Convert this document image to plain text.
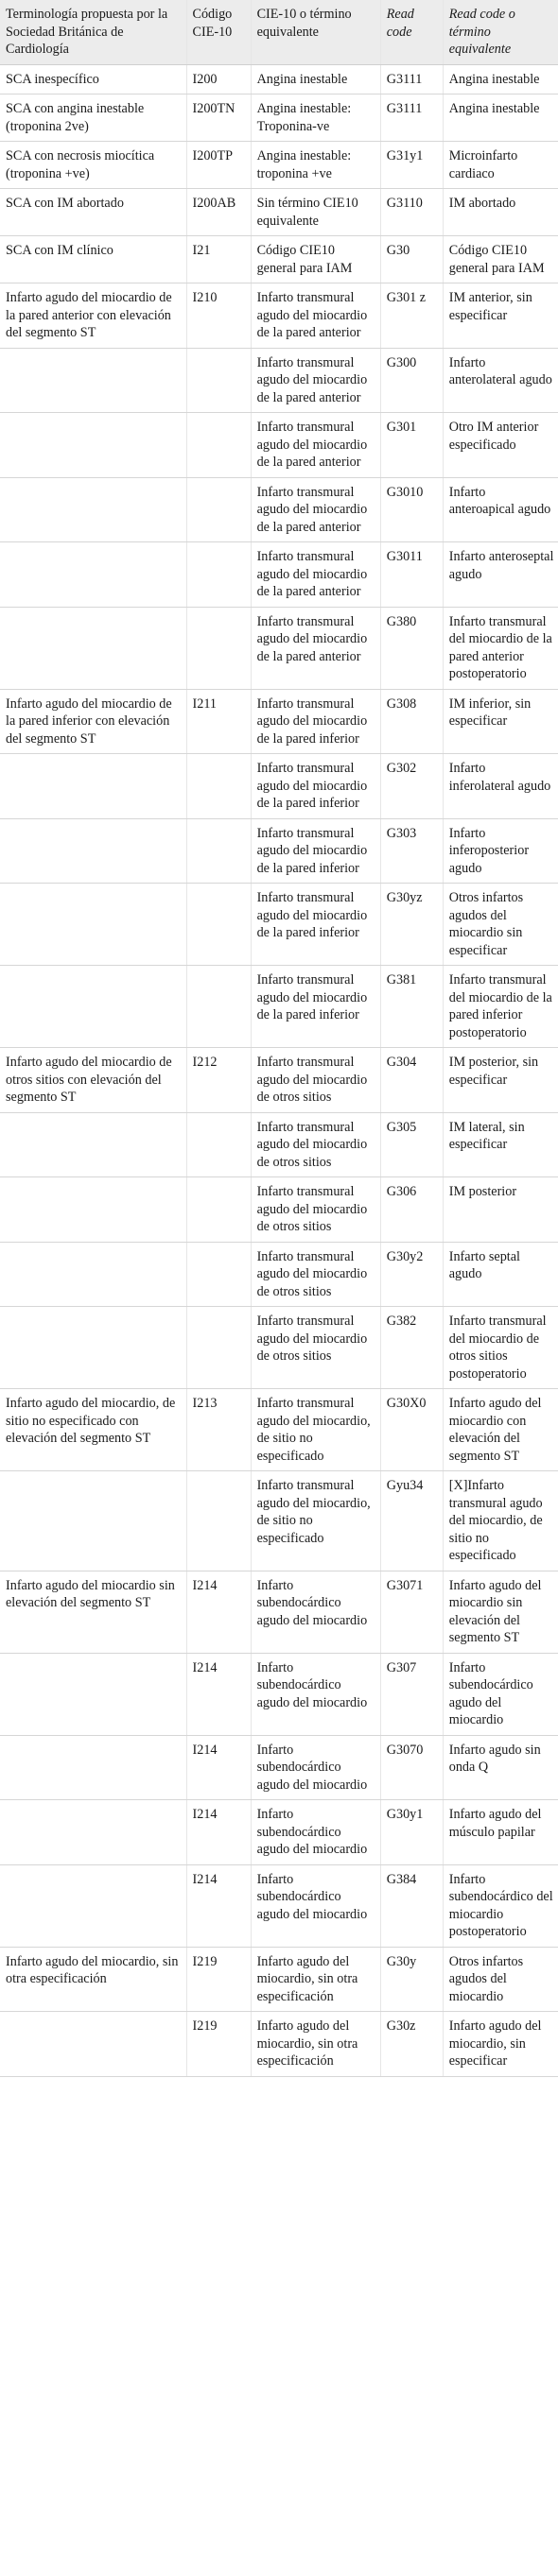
Terminología propuesta por la Sociedad Británica de Cardiología	Código CIE-10	CIE-10 o término equivalente	Read code	Read code o término equivalente
SCA inespecífico	I200	Angina inestable	G3111	Angina inestable
SCA con angina inestable (troponina 2ve)	I200TN	Angina inestable: Troponina-ve	G3111	Angina inestable
SCA con necrosis miocítica (troponina +ve)	I200TP	Angina inestable: troponina +ve	G31y1	Microinfarto cardiaco
SCA con IM abortado	I200AB	Sin término CIE10 equivalente	G3110	IM abortado
SCA con IM clínico	I21	Código CIE10 general para IAM	G30	Código CIE10 general para IAM
Infarto agudo del miocardio de la pared anterior con elevación del segmento ST	I210	Infarto transmural agudo del miocardio de la pared anterior	G301 z	IM anterior, sin especificar
		Infarto transmural agudo del miocardio de la pared anterior	G300	Infarto anterolateral agudo
		Infarto transmural agudo del miocardio de la pared anterior	G301	Otro IM anterior especificado
		Infarto transmural agudo del miocardio de la pared anterior	G3010	Infarto anteroapical agudo
		Infarto transmural agudo del miocardio de la pared anterior	G3011	Infarto anteroseptal agudo
		Infarto transmural agudo del miocardio de la pared anterior	G380	Infarto transmural del miocardio de la pared anterior postoperatorio
Infarto agudo del miocardio de la pared inferior con elevación del segmento ST	I211	Infarto transmural agudo del miocardio de la pared inferior	G308	IM inferior, sin especificar
		Infarto transmural agudo del miocardio de la pared inferior	G302	Infarto inferolateral agudo
		Infarto transmural agudo del miocardio de la pared inferior	G303	Infarto inferoposterior agudo
		Infarto transmural agudo del miocardio de la pared inferior	G30yz	Otros infartos agudos del miocardio sin especificar
		Infarto transmural agudo del miocardio de la pared inferior	G381	Infarto transmural del miocardio de la pared inferior postoperatorio
Infarto agudo del miocardio de otros sitios con elevación del segmento ST	I212	Infarto transmural agudo del miocardio de otros sitios	G304	IM posterior, sin especificar
		Infarto transmural agudo del miocardio de otros sitios	G305	IM lateral, sin especificar
		Infarto transmural agudo del miocardio de otros sitios	G306	IM posterior
		Infarto transmural agudo del miocardio de otros sitios	G30y2	Infarto septal agudo
		Infarto transmural agudo del miocardio de otros sitios	G382	Infarto transmural del miocardio de otros sitios postoperatorio
Infarto agudo del miocardio, de sitio no especificado con elevación del segmento ST	I213	Infarto transmural agudo del miocardio, de sitio no especificado	G30X0	Infarto agudo del miocardio con elevación del segmento ST
		Infarto transmural agudo del miocardio, de sitio no especificado	Gyu34	[X]Infarto transmural agudo del miocardio, de sitio no especificado
Infarto agudo del miocardio sin elevación del segmento ST	I214	Infarto subendocárdico agudo del miocardio	G3071	Infarto agudo del miocardio sin elevación del segmento ST
	I214	Infarto subendocárdico agudo del miocardio	G307	Infarto subendocárdico agudo del miocardio
	I214	Infarto subendocárdico agudo del miocardio	G3070	Infarto agudo sin onda Q
	I214	Infarto subendocárdico agudo del miocardio	G30y1	Infarto agudo del músculo papilar
	I214	Infarto subendocárdico agudo del miocardio	G384	Infarto subendocárdico del miocardio postoperatorio
Infarto agudo del miocardio, sin otra especificación	I219	Infarto agudo del miocardio, sin otra especificación	G30y	Otros infartos agudos del miocardio
	I219	Infarto agudo del miocardio, sin otra especificación	G30z	Infarto agudo del miocardio, sin especificar
